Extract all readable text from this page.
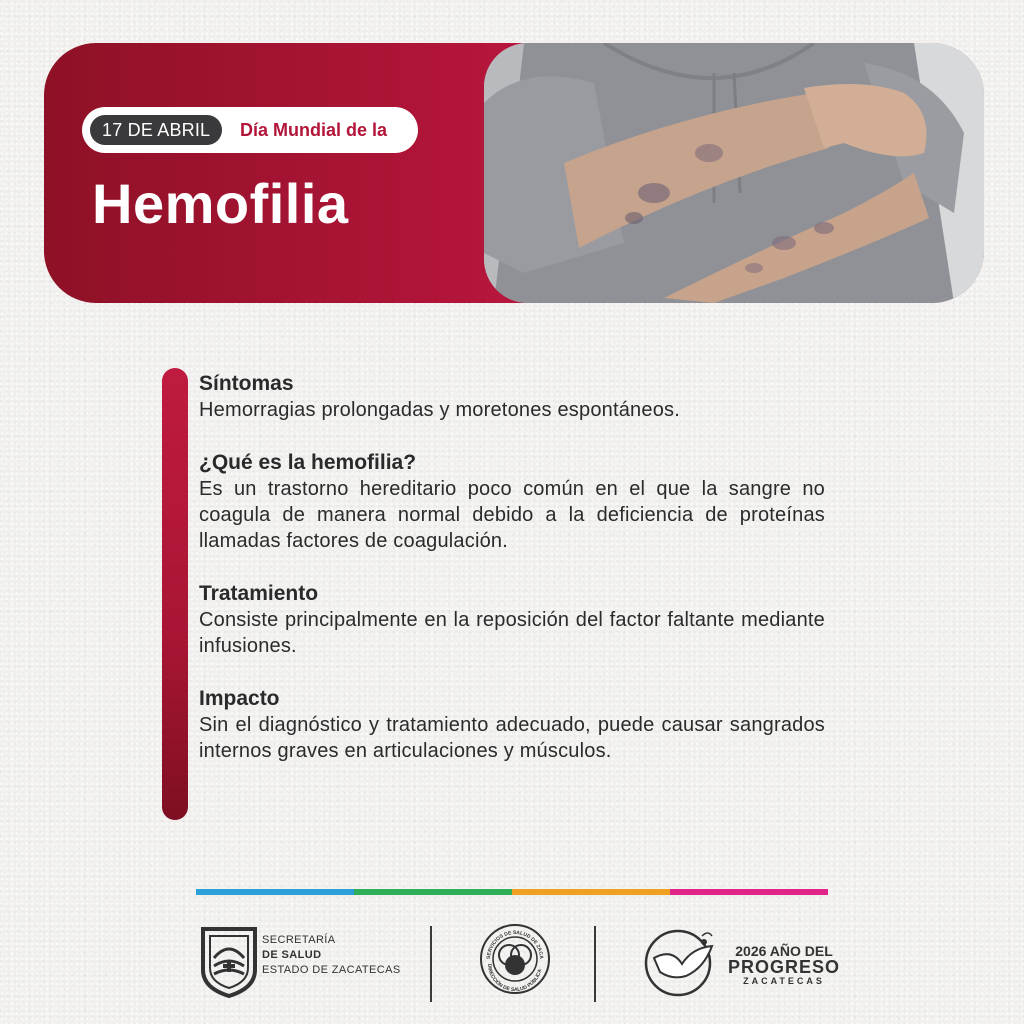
17 DE ABRIL	Día Mundial de la
Hemofilia
Síntomas

Hemorragias prolongadas y moretones espontáneos.

¿Qué es la hemofilia?

Es un trastorno hereditario poco común en el que la sangre no coagula de manera normal debido a la deficiencia de proteínas llamadas factores de coagulación.

Tratamiento

Consiste principalmente en la reposición del factor faltante mediante infusiones.

Impacto

Sin el diagnóstico y tratamiento adecuado, puede causar sangrados internos graves en articulaciones y músculos.

SECRETARÍA
DE SALUD
ESTADO DE ZACATECAS
SERVICIOS DE SALUD DE ZACA
DIRECCIÓN DE SALUD PÚBLICA
2026 AÑO DEL
PROGRESO
ZACATECAS
